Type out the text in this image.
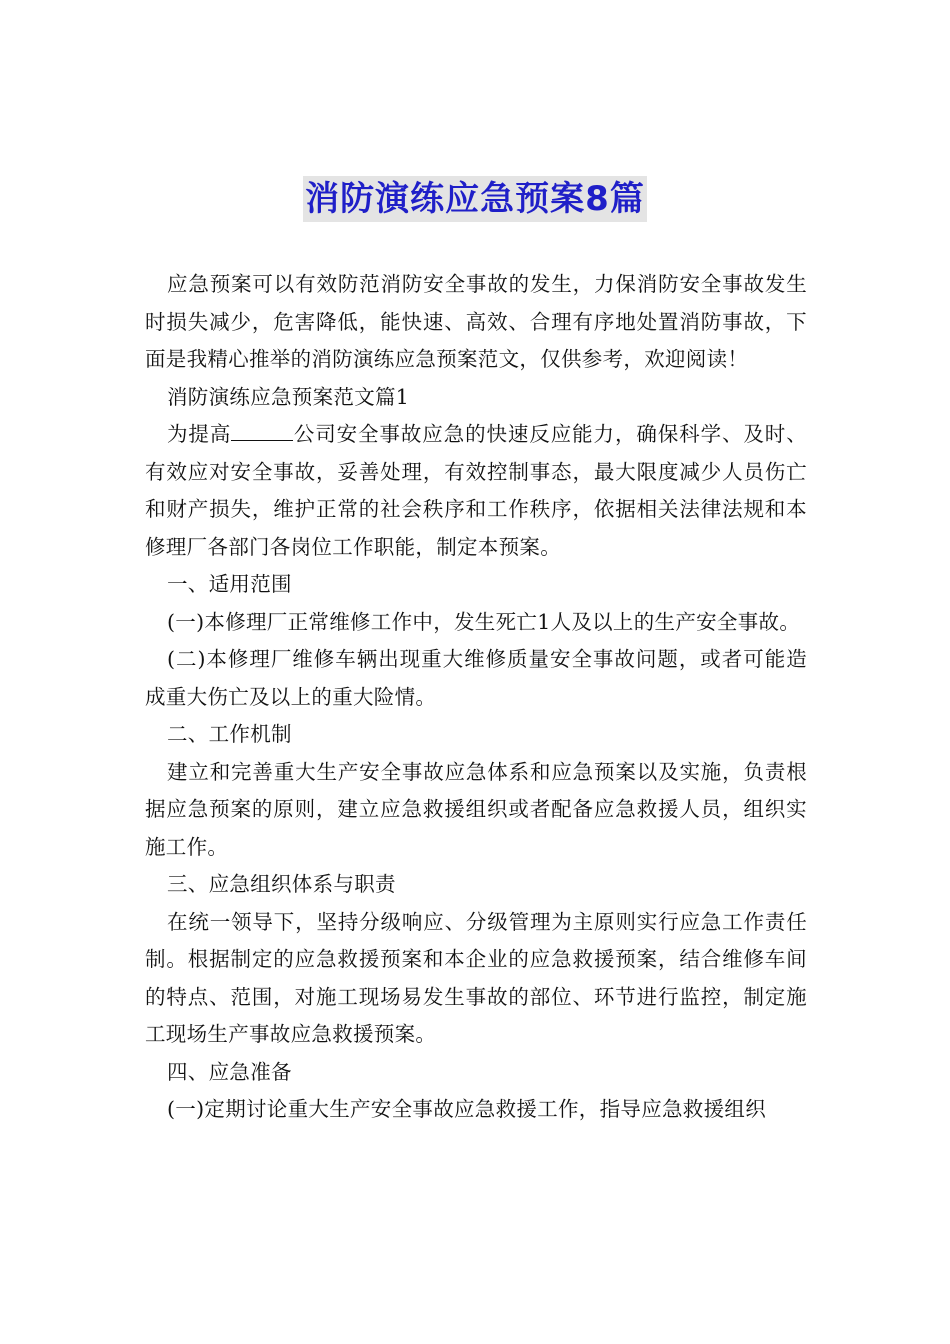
消防演练应急预案8篇

应急预案可以有效防范消防安全事故的发生，力保消防安全事故发生时损失减少，危害降低，能快速、高效、合理有序地处置消防事故，下面是我精心推举的消防演练应急预案范文，仅供参考，欢迎阅读！

消防演练应急预案范文篇1

为提高	公司安全事故应急的快速反应能力，确保科学、及时、有效应对安全事故，妥善处理，有效控制事态，最大限度减少人员伤亡和财产损失，维护正常的社会秩序和工作秩序，依据相关法律法规和本修理厂各部门各岗位工作职能，制定本预案。

一、适用范围

(一)本修理厂正常维修工作中，发生死亡1人及以上的生产安全事故。

(二)本修理厂维修车辆出现重大维修质量安全事故问题，或者可能造成重大伤亡及以上的重大险情。

二、工作机制

建立和完善重大生产安全事故应急体系和应急预案以及实施，负责根据应急预案的原则，建立应急救援组织或者配备应急救援人员，组织实施工作。

三、应急组织体系与职责

在统一领导下，坚持分级响应、分级管理为主原则实行应急工作责任制。根据制定的应急救援预案和本企业的应急救援预案，结合维修车间的特点、范围，对施工现场易发生事故的部位、环节进行监控，制定施工现场生产事故应急救援预案。

四、应急准备

(一)定期讨论重大生产安全事故应急救援工作，指导应急救援组织
